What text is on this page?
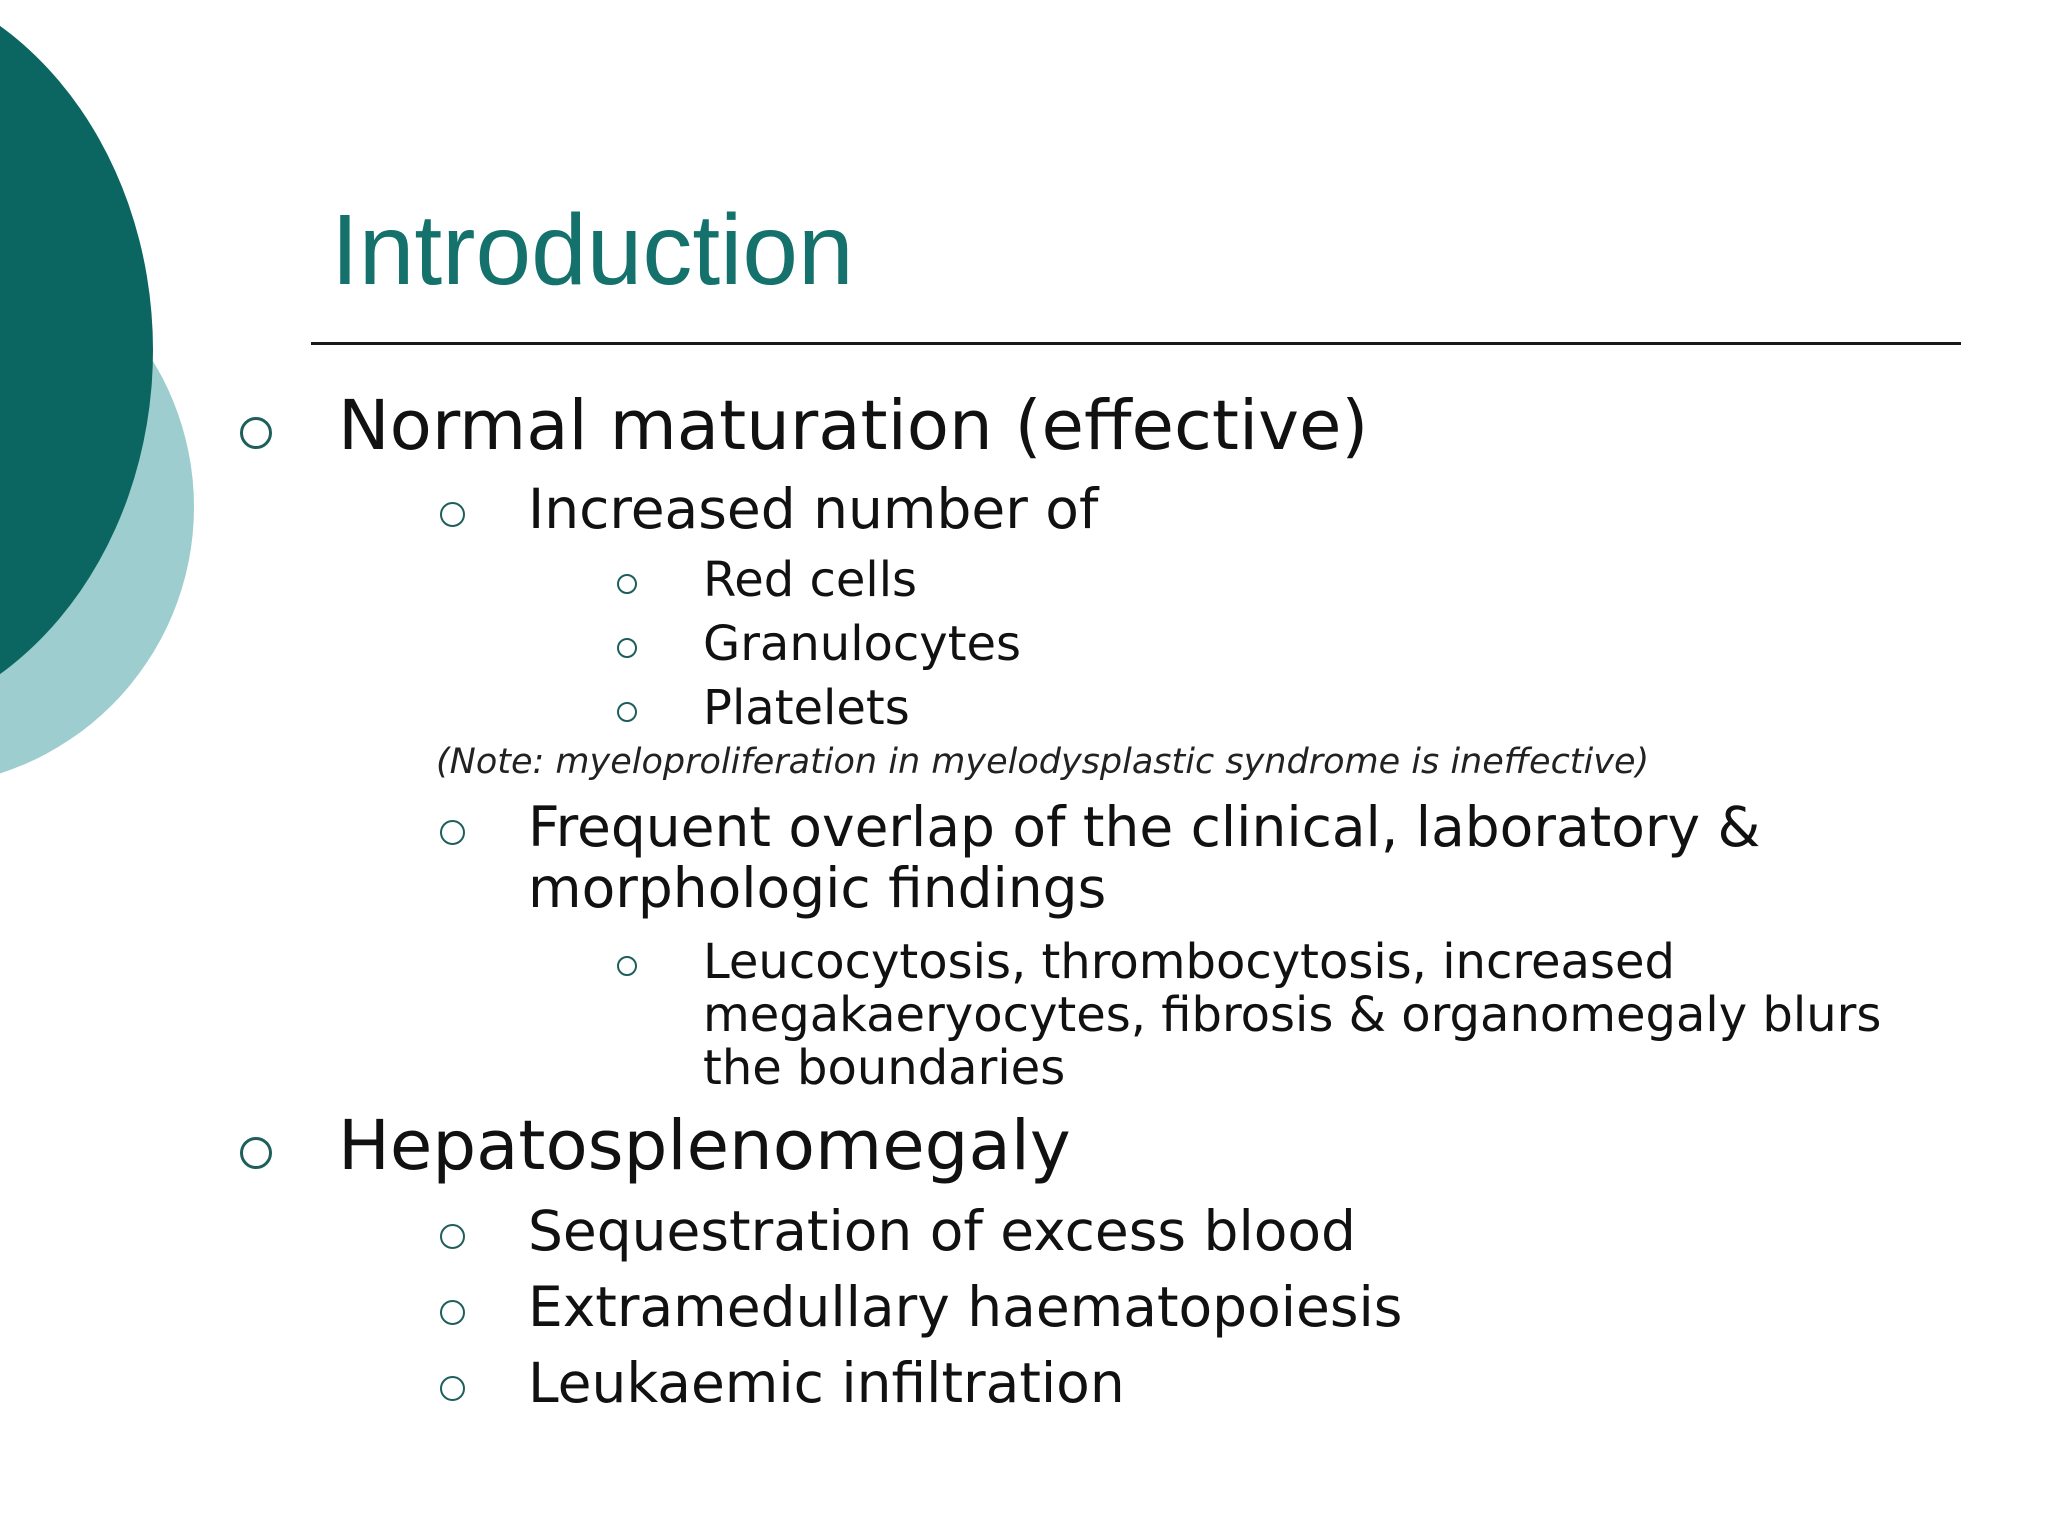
Introduction
Normal maturation (effective)
Increased number of
Red cells
Granulocytes
Platelets
(Note: myeloproliferation in myelodysplastic syndrome is ineffective)
Frequent overlap of the clinical, laboratory &
morphologic findings
Leucocytosis, thrombocytosis, increased
megakaeryocytes, fibrosis & organomegaly blurs
the boundaries
Hepatosplenomegaly
Sequestration of excess blood
Extramedullary haematopoiesis
Leukaemic infiltration
